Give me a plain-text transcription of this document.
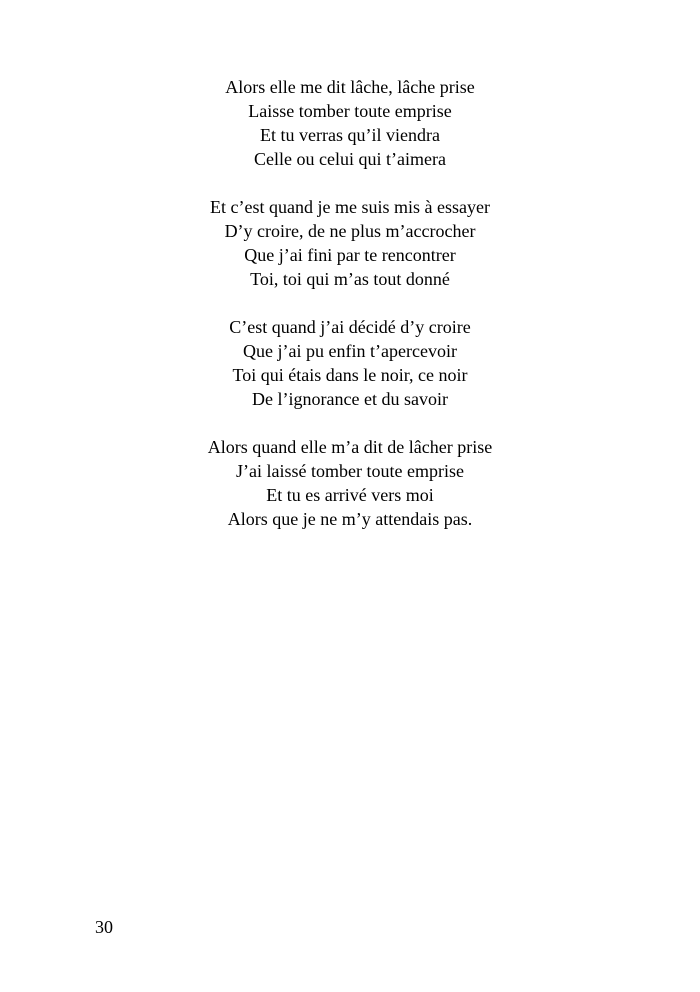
Alors elle me dit lâche, lâche prise
Laisse tomber toute emprise
Et tu verras qu’il viendra
Celle ou celui qui t’aimera
Et c’est quand je me suis mis à essayer
D’y croire, de ne plus m’accrocher
Que j’ai fini par te rencontrer
Toi, toi qui m’as tout donné
C’est quand j’ai décidé d’y croire
Que j’ai pu enfin t’apercevoir
Toi qui étais dans le noir, ce noir
De l’ignorance et du savoir
Alors quand elle m’a dit de lâcher prise
J’ai laissé tomber toute emprise
Et tu es arrivé vers moi
Alors que je ne m’y attendais pas.
30
